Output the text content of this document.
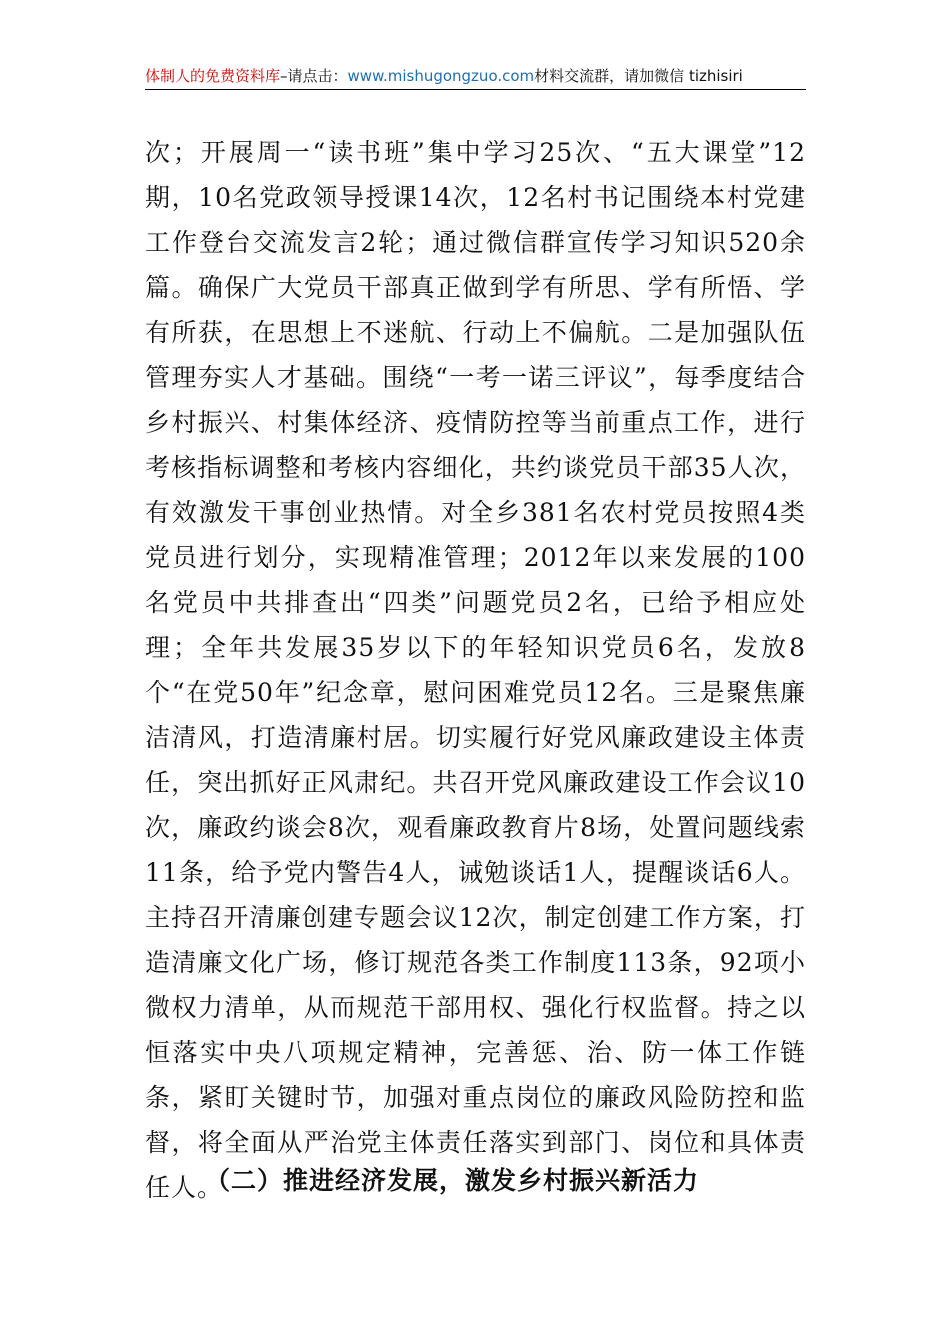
体制人的免费资料库–请点击：www.mishugongzuo.com材料交流群，请加微信 tizhisiri
次；开展周一“读书班”集中学习25次、“五大课堂”12期，10名党政领导授课14次，12名村书记围绕本村党建工作登台交流发言2轮；通过微信群宣传学习知识520余篇。确保广大党员干部真正做到学有所思、学有所悟、学有所获，在思想上不迷航、行动上不偏航。二是加强队伍管理夯实人才基础。围绕“一考一诺三评议”，每季度结合乡村振兴、村集体经济、疫情防控等当前重点工作，进行考核指标调整和考核内容细化，共约谈党员干部35人次，有效激发干事创业热情。对全乡381名农村党员按照4类党员进行划分，实现精准管理；2012年以来发展的100名党员中共排查出“四类”问题党员2名，已给予相应处理；全年共发展35岁以下的年轻知识党员6名，发放8个“在党50年”纪念章，慰问困难党员12名。三是聚焦廉洁清风，打造清廉村居。切实履行好党风廉政建设主体责任，突出抓好正风肃纪。共召开党风廉政建设工作会议10次，廉政约谈会8次，观看廉政教育片8场，处置问题线索11条，给予党内警告4人，诫勉谈话1人，提醒谈话6人。主持召开清廉创建专题会议12次，制定创建工作方案，打造清廉文化广场，修订规范各类工作制度113条，92项小微权力清单，从而规范干部用权、强化行权监督。持之以恒落实中央八项规定精神，完善惩、治、防一体工作链条，紧盯关键时节，加强对重点岗位的廉政风险防控和监督，将全面从严治党主体责任落实到部门、岗位和具体责任人。
（二）推进经济发展，激发乡村振兴新活力
